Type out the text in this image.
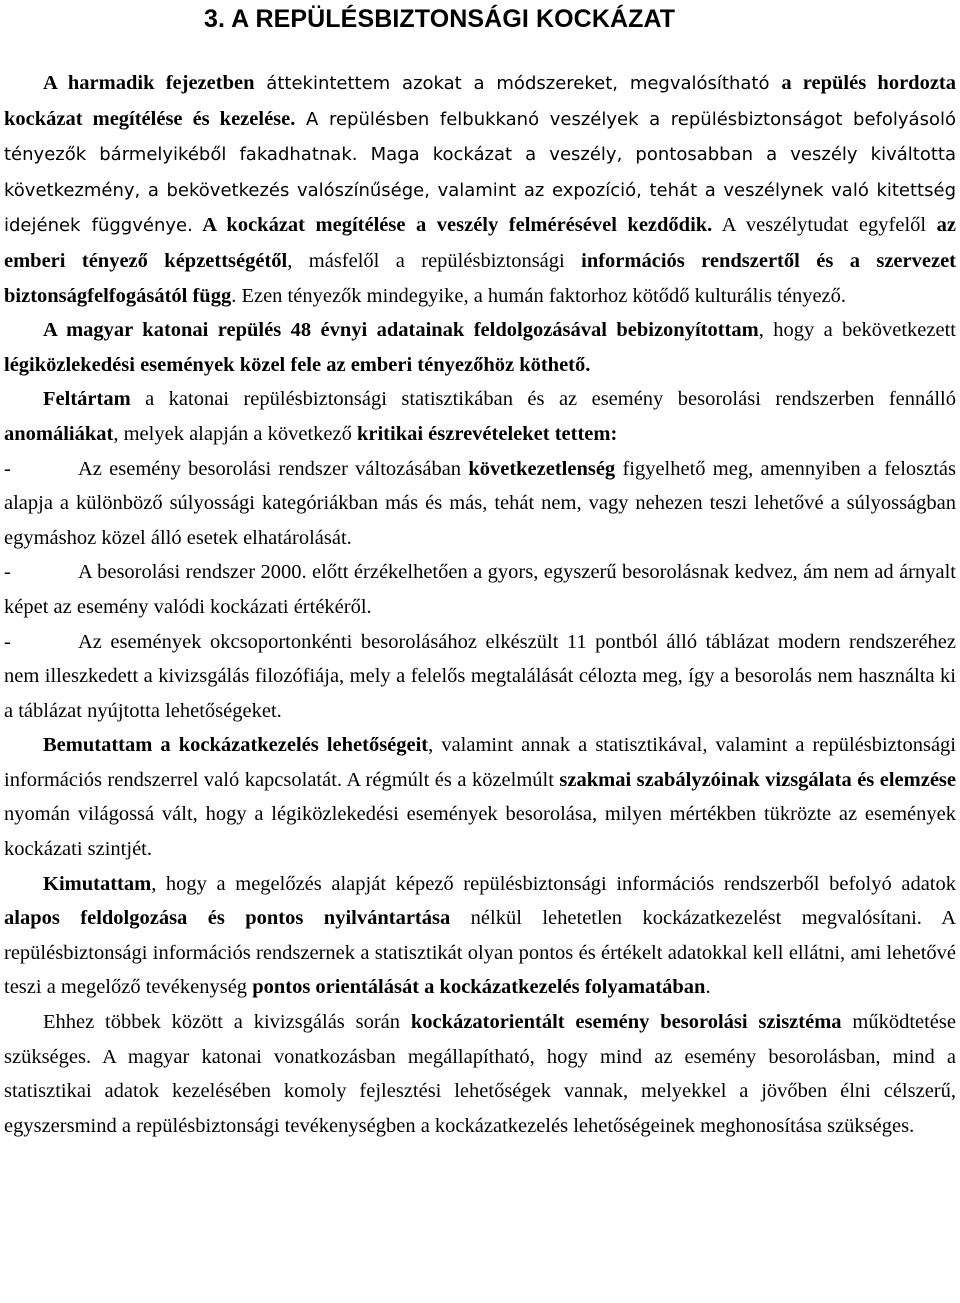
3. A REPÜLÉSBIZTONSÁGI KOCKÁZAT

A harmadik fejezetben áttekintettem azokat a módszereket, megvalósítható a repülés hordozta kockázat megítélése és kezelése. A repülésben felbukkanó veszélyek a repülésbiztonságot befolyásoló tényezők bármelyikéből fakadhatnak. Maga kockázat a veszély, pontosabban a veszély kiváltotta következmény, a bekövetkezés valószínűsége, valamint az expozíció, tehát a veszélynek való kitettség idejének függvénye. A kockázat megítélése a veszély felmérésével kezdődik. A veszélytudat egyfelől az emberi tényező képzettségétől, másfelől a repülésbiztonsági információs rendszertől és a szervezet biztonságfelfogásától függ. Ezen tényezők mindegyike, a humán faktorhoz kötődő kulturális tényező.

A magyar katonai repülés 48 évnyi adatainak feldolgozásával bebizonyítottam, hogy a bekövetkezett légiközlekedési események közel fele az emberi tényezőhöz köthető.

Feltártam a katonai repülésbiztonsági statisztikában és az esemény besorolási rendszerben fennálló anomáliákat, melyek alapján a következő kritikai észrevételeket tettem:

-	Az esemény besorolási rendszer változásában következetlenség figyelhető meg, amennyiben a felosztás alapja a különböző súlyossági kategóriákban más és más, tehát nem, vagy nehezen teszi lehetővé a súlyosságban egymáshoz közel álló esetek elhatárolását.

-	A besorolási rendszer 2000. előtt érzékelhetően a gyors, egyszerű besorolásnak kedvez, ám nem ad árnyalt képet az esemény valódi kockázati értékéről.

-	Az események okcsoportonkénti besorolásához elkészült 11 pontból álló táblázat modern rendszeréhez nem illeszkedett a kivizsgálás filozófiája, mely a felelős megtalálását célozta meg, így a besorolás nem használta ki a táblázat nyújtotta lehetőségeket.

Bemutattam a kockázatkezelés lehetőségeit, valamint annak a statisztikával, valamint a repülésbiztonsági információs rendszerrel való kapcsolatát. A régmúlt és a közelmúlt szakmai szabályzóinak vizsgálata és elemzése nyomán világossá vált, hogy a légiközlekedési események besorolása, milyen mértékben tükrözte az események kockázati szintjét.

Kimutattam, hogy a megelőzés alapját képező repülésbiztonsági információs rendszerből befolyó adatok alapos feldolgozása és pontos nyilvántartása nélkül lehetetlen kockázatkezelést megvalósítani. A repülésbiztonsági információs rendszernek a statisztikát olyan pontos és értékelt adatokkal kell ellátni, ami lehetővé teszi a megelőző tevékenység pontos orientálását a kockázatkezelés folyamatában.

Ehhez többek között a kivizsgálás során kockázatorientált esemény besorolási szisztéma működtetése szükséges. A magyar katonai vonatkozásban megállapítható, hogy mind az esemény besorolásban, mind a statisztikai adatok kezelésében komoly fejlesztési lehetőségek vannak, melyekkel a jövőben élni célszerű, egyszersmind a repülésbiztonsági tevékenységben a kockázatkezelés lehetőségeinek meghonosítása szükséges.
